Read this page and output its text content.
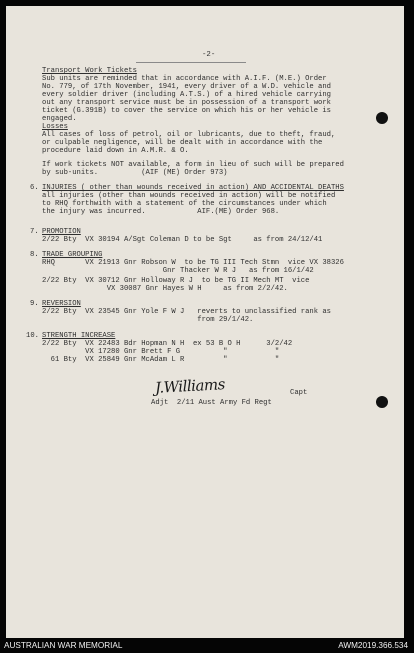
-2-
Transport Work Tickets
Sub units are reminded that in accordance with A.I.F. (M.E.) Order
No. 779, of 17th November, 1941, every driver of a W.D. vehicle and
every soldier driver (including A.T.S.) of a hired vehicle carrying
out any transport service must be in possession of a transport work
ticket (G.391B) to cover the service on which his or her vehicle is
engaged.
Losses
All cases of loss of petrol, oil or lubricants, due to theft, fraud,
or culpable negligence, will be dealt with in accordance with the
procedure laid down in A.M.R. & O.
If work tickets NOT available, a form in lieu of such will be prepared
by sub-units.          (AIF (ME) Order 973)
6. INJURIES ( other than wounds received in action) AND ACCIDENTAL DEATHS
all injuries (other than wounds received in action) will be notified
to RHQ forthwith with a statement of the circumstances under which
the injury was incurred.            AIF.(ME) Order 968.
7. PROMOTION
2/22 Bty  VX 30194 A/Sgt Coleman D to be Sgt     as from 24/12/41
8. TRADE GROUPING
RHQ       VX 21913 Gnr Robson W  to be TG III Tech Stmn  vice VX 38326
Gnr Thacker W R J   as from 16/1/42
2/22 Bty  VX 30712 Gnr Holloway R J  to be TG II Mech MT  vice
VX 30087 Gnr Hayes W H     as from 2/2/42.
9. REVERSION
2/22 Bty  VX 23545 Gnr Yole F W J   reverts to unclassified rank as
from 29/1/42.
10. STRENGTH INCREASE
2/22 Bty  VX 22483 Bdr Hopman N H  ex 53 B O H      3/2/42
VX 17280 Gnr Brett F G          "           "
61 Bty  VX 25849 Gnr McAdam L R         "           "
J.Williams	Capt
Adjt  2/11 Aust Army Fd Regt
AUSTRALIAN WAR MEMORIAL	AWM2019.366.534
